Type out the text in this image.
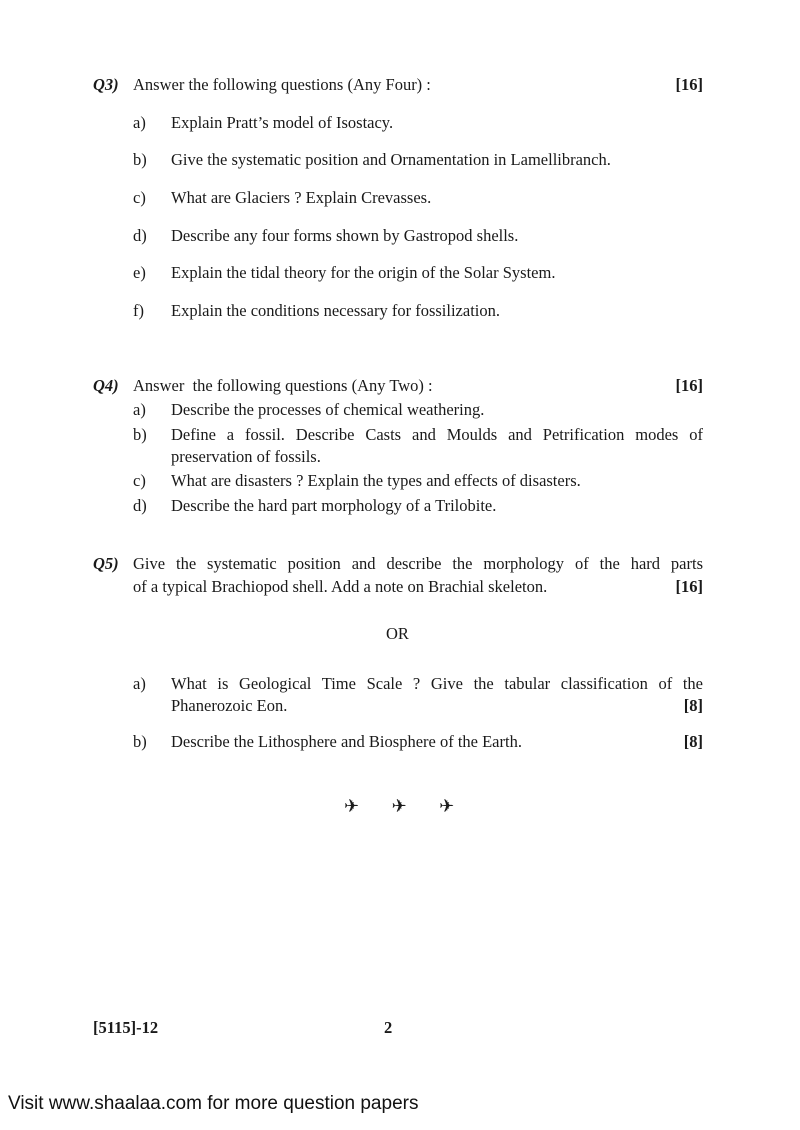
Q3) Answer the following questions (Any Four) :	[16]
a) Explain Pratt’s model of Isostacy.
b) Give the systematic position and Ornamentation in Lamellibranch.
c) What are Glaciers ? Explain Crevasses.
d) Describe any four forms shown by Gastropod shells.
e) Explain the tidal theory for the origin of the Solar System.
f) Explain the conditions necessary for fossilization.
Q4) Answer  the following questions (Any Two) :	[16]
a) Describe the processes of chemical weathering.
b) Define a fossil. Describe Casts and Moulds and Petrification modes of
preservation of fossils.
c) What are disasters ? Explain the types and effects of disasters.
d) Describe the hard part morphology of a Trilobite.
Q5) Give the systematic position and describe the morphology of the hard parts
of a typical Brachiopod shell. Add a note on Brachial skeleton.	[16]
OR
a) What is Geological Time Scale ? Give the tabular classification of the
Phanerozoic Eon.	[8]
b) Describe the Lithosphere and Biosphere of the Earth.	[8]
✈ ✈ ✈
[5115]-12	2
Visit www.shaalaa.com for more question papers
